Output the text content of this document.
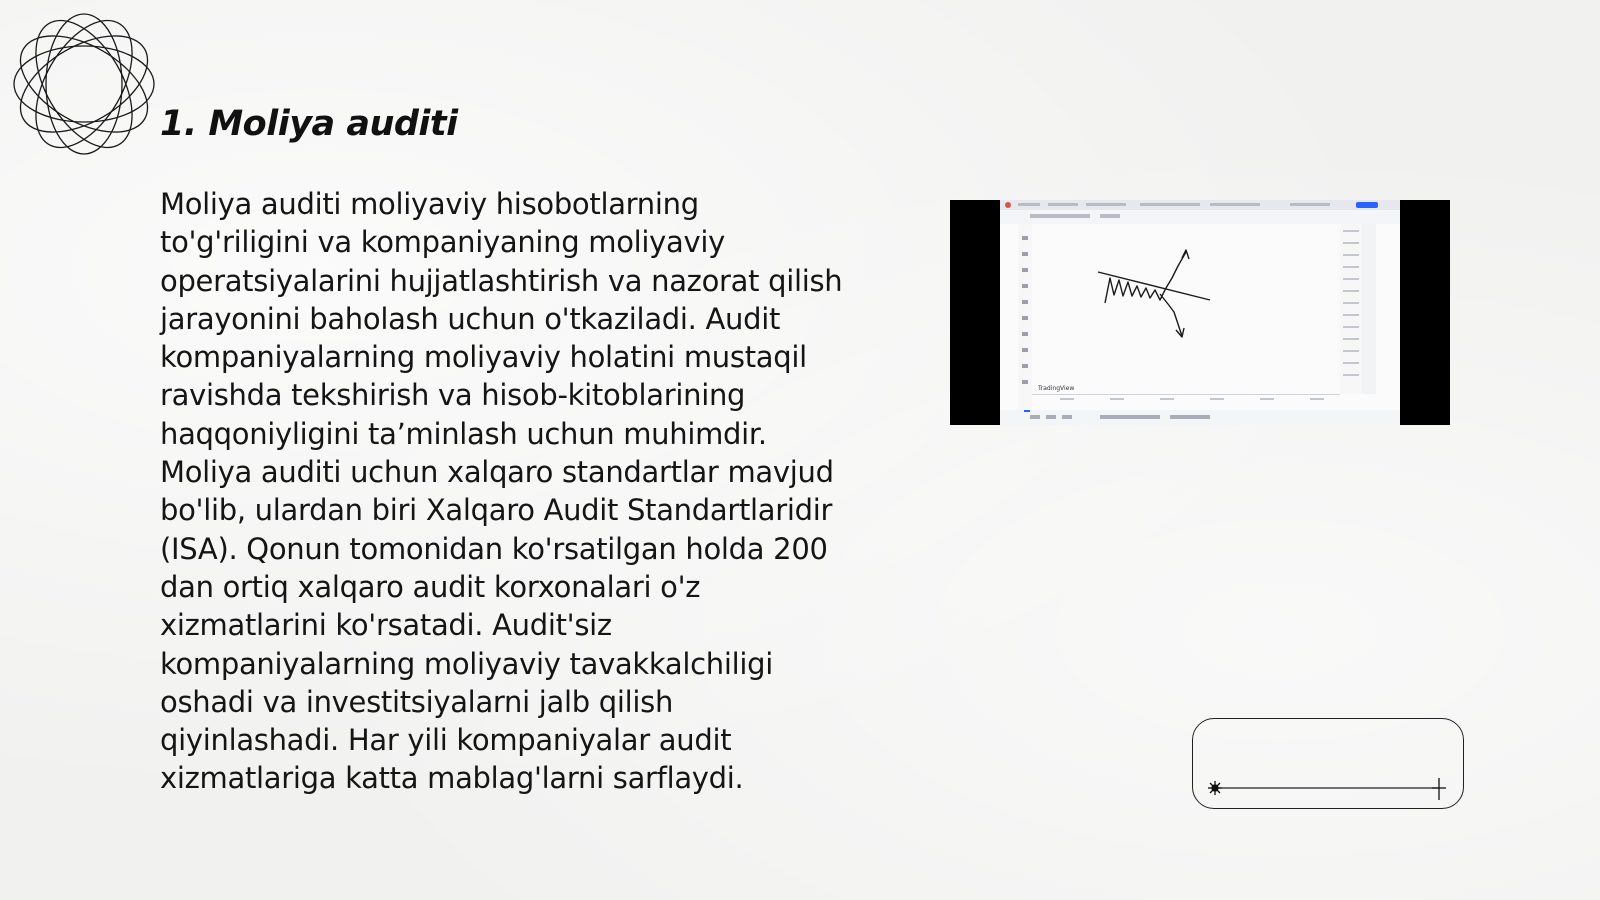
1. Moliya auditi

Moliya auditi moliyaviy hisobotlarning to'g'riligini va kompaniyaning moliyaviy operatsiyalarini hujjatlashtirish va nazorat qilish jarayonini baholash uchun o'tkaziladi. Audit kompaniyalarning moliyaviy holatini mustaqil ravishda tekshirish va hisob-kitoblarining haqqoniyligini ta’minlash uchun muhimdir. Moliya auditi uchun xalqaro standartlar mavjud bo'lib, ulardan biri Xalqaro Audit Standartlaridir (ISA). Qonun tomonidan ko'rsatilgan holda 200 dan ortiq xalqaro audit korxonalari o'z xizmatlarini ko'rsatadi. Audit'siz kompaniyalarning moliyaviy tavakkalchiligi oshadi va investitsiyalarni jalb qilish qiyinlashadi. Har yili kompaniyalar audit xizmatlariga katta mablag'larni sarflaydi.

TradingView
